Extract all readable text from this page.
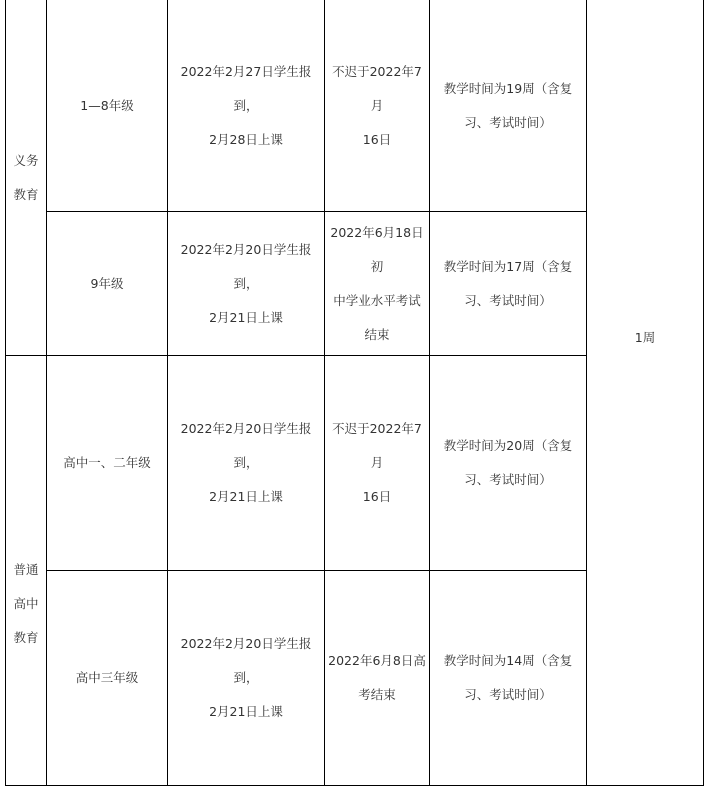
义务
教育
普通
高中
教育
1—8年级
2022年2月27日学生报到，
2月28日上课
不迟于2022年7月
16日
教学时间为19周（含复
习、考试时间）
9年级
2022年2月20日学生报到，
2月21日上课
2022年6月18日初
中学业水平考试
结束
教学时间为17周（含复
习、考试时间）
高中一、二年级
2022年2月20日学生报到，
2月21日上课
不迟于2022年7月
16日
教学时间为20周（含复
习、考试时间）
高中三年级
2022年2月20日学生报到，
2月21日上课
2022年6月8日高
考结束
教学时间为14周（含复
习、考试时间）
1周
